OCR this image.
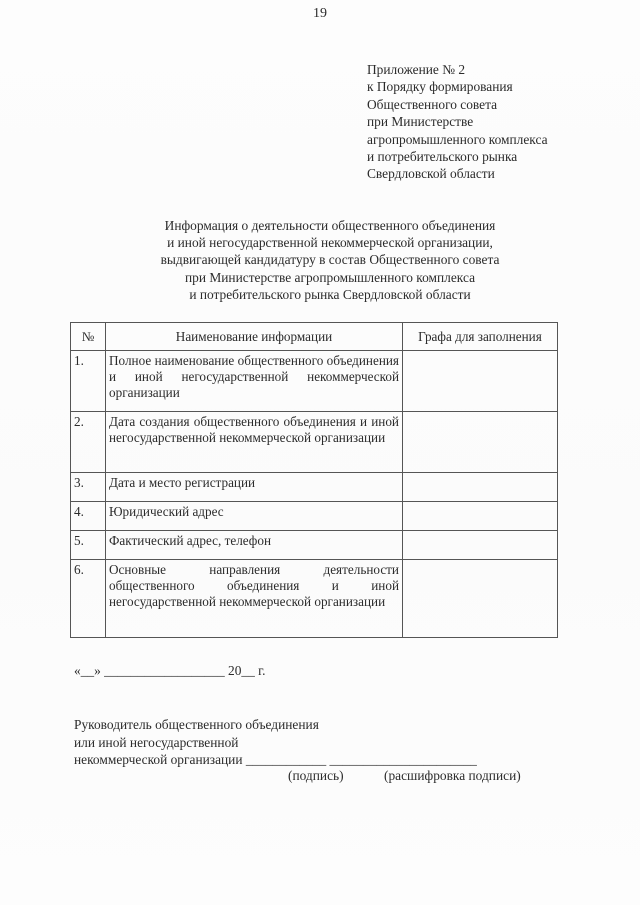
19
Приложение № 2
к Порядку формирования
Общественного совета
при Министерстве
агропромышленного комплекса
и потребительского рынка
Свердловской области
Информация о деятельности общественного объединения
и иной негосударственной некоммерческой организации,
выдвигающей кандидатуру в состав Общественного совета
при Министерстве агропромышленного комплекса
и потребительского рынка Свердловской области
№	Наименование информации	Графа для заполнения
1.	Полное наименование общественного объединения и иной негосударственной некоммерческой организации	
2.	Дата создания общественного объединения и иной негосударственной некоммерческой организации	
3.	Дата и место регистрации	
4.	Юридический адрес	
5.	Фактический адрес, телефон	
6.	Основные направления деятельности общественного объединения и иной негосударственной некоммерческой организации	
«__» __________________ 20__ г.
Руководитель общественного объединения
или иной негосударственной
некоммерческой организации ____________ ______________________
(подпись)	(расшифровка подписи)
